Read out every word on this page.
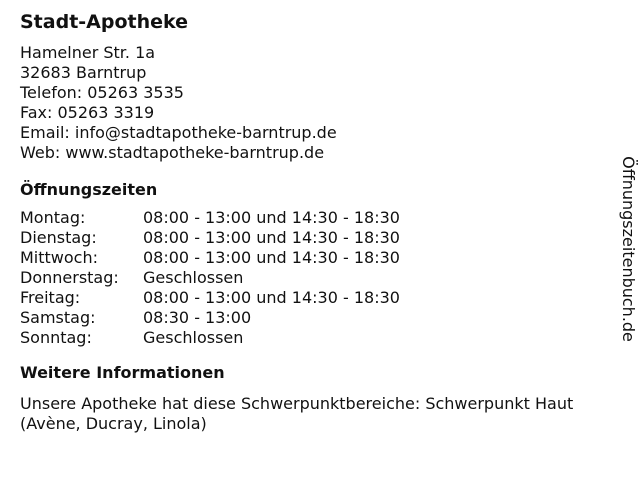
Stadt-Apotheke
Hamelner Str. 1a
32683 Barntrup
Telefon: 05263 3535
Fax: 05263 3319
Email: info@stadtapotheke-barntrup.de
Web: www.stadtapotheke-barntrup.de
Öffnungszeiten
Montag:	08:00 - 13:00 und 14:30 - 18:30
Dienstag:	08:00 - 13:00 und 14:30 - 18:30
Mittwoch:	08:00 - 13:00 und 14:30 - 18:30
Donnerstag:	Geschlossen
Freitag:	08:00 - 13:00 und 14:30 - 18:30
Samstag:	08:30 - 13:00
Sonntag:	Geschlossen
Weitere Informationen
Unsere Apotheke hat diese Schwerpunktbereiche: Schwerpunkt Haut (Avène, Ducray, Linola)
Öffnungszeitenbuch.de
